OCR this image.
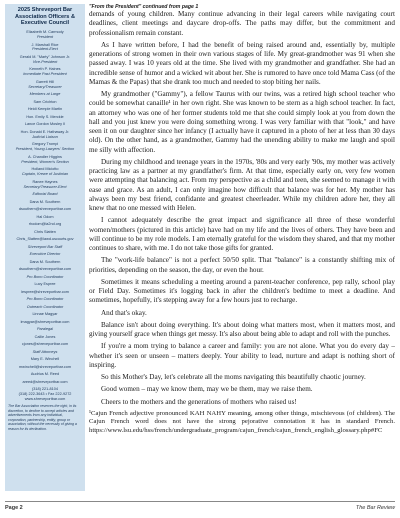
2025 Shreveport Bar Association Officers & Executive Council
Elizabeth M. Carmody
President
J. Marshall Rice
President-Elect
Gerald M. "Marty" Johnson Jr.
Vice-President
Kenneth P. Haines
Immediate Past President
Garrett Hill
Secretary/Treasurer
Members at Large
Sam Crichton
Heidi Kemple Martin
Hon. Emily S. Merckle
Lance Gordon Mosley II
Hon. Donald E. Hathaway Jr.
Judicial Liaison
Gregory Trompi
President, Young Lawyers' Section
A. Chandler Higgins
President, Women's Section
Holland Miciotto
Captain, Krewe of Justinian
Ranee Haynes
Secretary/Treasurer-Elect
Editorial Board
Dana M. Southern
dsouthern@shreveportbar.com
Hal Odom
rhodom@la2nd.org
Chris Slatten
Chris_Slatten@lawd.uscourts.gov
Shreveport Bar Staff
Executive Director
Dana M. Southern
dsouthern@shreveportbar.com
Pro Bono Coordinator
Lucy Espree
lespree@shreveportbar.com
Pro Bono Coordinator
Outreach Coordinator
Linnae Magyar
lmagyar@shreveportbar.com
Paralegal
Callie Jones
cjones@shreveportbar.com
Staff Attorneys
Mary E. Winchell
mwinchell@shreveportbar.com
Audrius M. Reed
areed@shreveportbar.com
(318) 221-8104
(318) 222-3643 • Fax 222-9272
www.shreveportbar.com
The Bar Association reserves the right, in its discretion, to decline to accept articles and advertisements from any individual, corporation, partnership, entity, group or association, without the necessity of giving a reason for its declination.
"From the President" continued from page 1

demands of young children. Many continue advancing in their legal careers while navigating court deadlines, client meetings and daycare drop-offs. The paths may differ, but the commitment and professionalism remain constant.

As I have written before, I had the benefit of being raised around and, essentially by, multiple generations of strong women in their own various stages of life. My great-grandmother was 91 when she passed away. I was 10 years old at the time. She lived with my grandmother and grandfather. She had an incredible sense of humor and a wicked wit about her. She is rumored to have once told Mama Cass (of the Mamas & the Papas) that she drank too much and needed to stop biting her nails.

My grandmother ("Gammy"), a fellow Taurus with our twins, was a retired high school teacher who could be somewhat canaille¹ in her own right. She was known to be stern as a high school teacher. In fact, an attorney who was one of her former students told me that she could simply look at you from down the hall and you just knew you were doing something wrong. I was very familiar with that "look," and have seen it on our daughter since her infancy (I actually have it captured in a photo of her at less than 30 days old). On the other hand, as a grandmother, Gammy had the unending ability to make me laugh and spoil me silly with affection.

During my childhood and teenage years in the 1970s, '80s and very early '90s, my mother was actively practicing law as a partner at my grandfather's firm. At that time, especially early on, very few women were attempting that balancing act. From my perspective as a child and teen, she seemed to manage it with ease and grace. As an adult, I can only imagine how difficult that balance was for her. My mother has always been my best friend, confidante and greatest cheerleader. While my children adore her, they all knew that no one messed with Helen.

I cannot adequately describe the great impact and significance all three of these wonderful women/mothers (pictured in this article) have had on my life and the lives of others. They have been and will continue to be my role models. I am eternally grateful for the wisdom they shared, and that my mother continues to share, with me. I do not take those gifts for granted.

The "work-life balance" is not a perfect 50/50 split. That "balance" is a constantly shifting mix of priorities, depending on the season, the day, or even the hour.

Sometimes it means scheduling a meeting around a parent-teacher conference, pep rally, school play or Field Day. Sometimes it's logging back in after the children's bedtime to meet a deadline. And sometimes, hopefully, it's stepping away for a few hours just to recharge.

And that's okay.

Balance isn't about doing everything. It's about doing what matters most, when it matters most, and giving yourself grace when things get messy. It's also about being able to adapt and roll with the punches.

If you're a mom trying to balance a career and family: you are not alone. What you do every day – whether it's seen or unseen – matters deeply. Your ability to lead, nurture and adapt is nothing short of inspiring.

So this Mother's Day, let's celebrate all the moms navigating this beautifully chaotic journey.

Good women – may we know them, may we be them, may we raise them.

Cheers to the mothers and the generations of mothers who raised us!

¹Cajun French adjective pronounced KAH NAHY meaning, among other things, mischievous (of children). The Cajun French word does not have the strong pejorative connotation it has in standard French. https://www.lsu.edu/hss/french/undergraduate_program/cajun_french/cajun_french_english_glossary.php#FC

Page 2	The Bar Review
